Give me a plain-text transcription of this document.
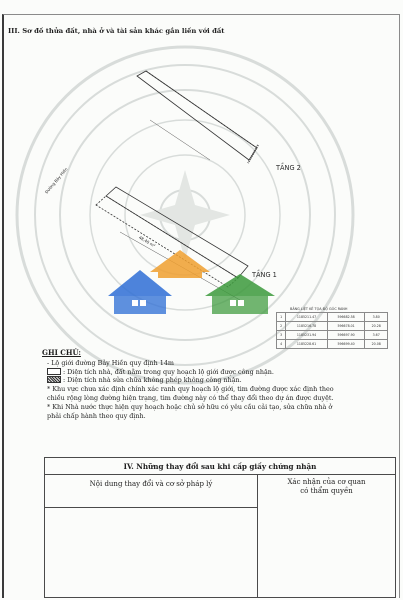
III. Sơ đồ thửa đất, nhà ở và tài sản khác gắn liền với đất
TẦNG 2
TẦNG 1
48,40 m²
Đường Bảy Hiền
BẢNG LIỆT KÊ TỌA ĐỘ GÓC RANH
1	1185211.47	596682.58	3.80
2	1185216.78	596678.01	20.28
3	1185231.94	596697.90	3.67
4	1185228.61	596699.40	20.08
GHI CHÚ:
- Lộ giới đường Bảy Hiền quy định 14m
: Diện tích nhà, đất nằm trong quy hoạch lộ giới được công nhận.
: Diện tích nhà sửa chữa không phép không công nhận.
* Khu vực chưa xác định chính xác ranh quy hoạch lộ giới, tim đường được xác định theo
chiều rộng lòng đường hiện trạng, tim đường này có thể thay đổi theo dự án được duyệt.
* Khi Nhà nước thực hiện quy hoạch hoặc chủ sở hữu có yêu cầu cải tạo, sửa chữa nhà ở
phải chấp hành theo quy định.
IV. Những thay đổi sau khi cấp giấy chứng nhận
Nội dung thay đổi và cơ sở pháp lý	Xác nhận của cơ quan
có thẩm quyền
